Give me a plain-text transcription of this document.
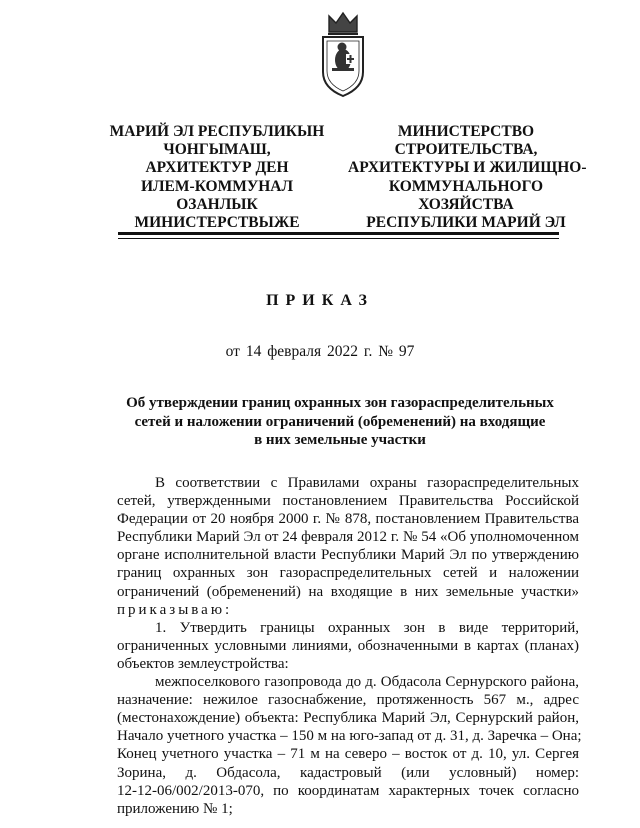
МАРИЙ ЭЛ РЕСПУБЛИКЫН
ЧОНГЫМАШ,
АРХИТЕКТУР ДЕН
ИЛЕМ-КОММУНАЛ
ОЗАНЛЫК
МИНИСТЕРСТВЫЖЕ
МИНИСТЕРСТВО
СТРОИТЕЛЬСТВА,
АРХИТЕКТУРЫ И ЖИЛИЩНО-
КОММУНАЛЬНОГО
ХОЗЯЙСТВА
РЕСПУБЛИКИ МАРИЙ ЭЛ
ПРИКАЗ
от 14 февраля 2022 г. № 97
Об утверждении границ охранных зон газораспределительных
сетей и наложении ограничений (обременений) на входящие
в них земельные участки
В соответствии с Правилами охраны газораспределительных
сетей, утвержденными постановлением Правительства Российской
Федерации от 20 ноября 2000 г. № 878, постановлением Правительства
Республики Марий Эл от 24 февраля 2012 г. № 54 «Об уполномоченном
органе исполнительной власти Республики Марий Эл по утверждению
границ охранных зон газораспределительных сетей и наложении
ограничений (обременений) на входящие в них земельные участки»
приказываю:
1. Утвердить границы охранных зон в виде территорий,
ограниченных условными линиями, обозначенными в картах (планах)
объектов землеустройства:
межпоселкового газопровода до д. Обдасола Сернурского района,
назначение: нежилое газоснабжение, протяженность 567 м., адрес
(местонахождение) объекта: Республика Марий Эл, Сернурский район,
Начало учетного участка – 150 м на юго-запад от д. 31, д. Заречка – Она;
Конец учетного участка – 71 м на северо – восток от д. 10, ул. Сергея
Зорина, д. Обдасола, кадастровый (или условный) номер:
12-12-06/002/2013-070, по координатам характерных точек согласно
приложению № 1;
